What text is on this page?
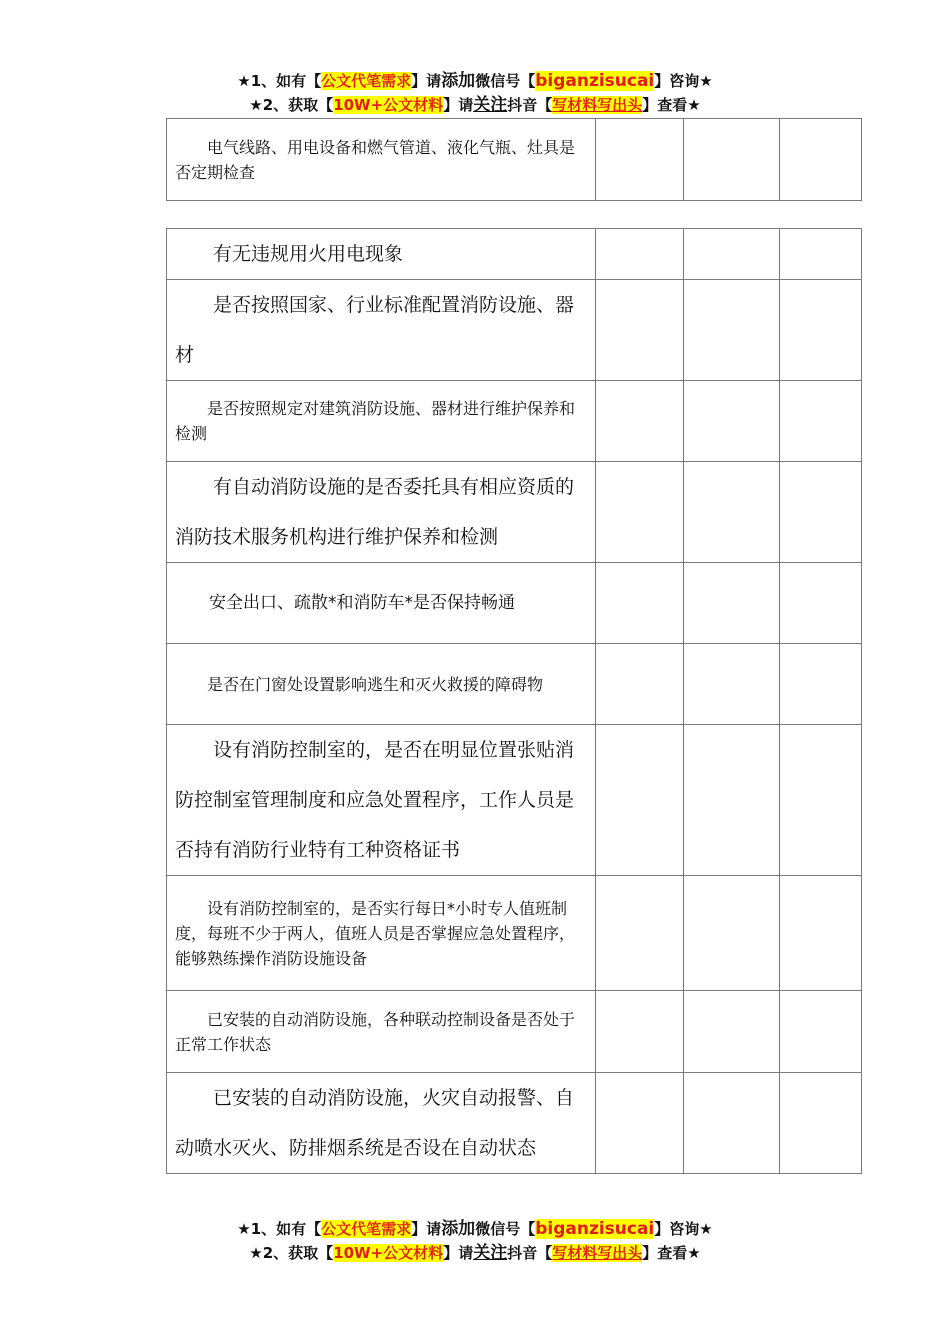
★1、如有【公文代笔需求】请添加微信号【biganzisucai】咨询★
★2、获取【10W+公文材料】请关注抖音【写材料写出头】查看★
电气线路、用电设备和燃气管道、液化气瓶、灶具是否定期检查

有无违规用火用电现象			

是否按照国家、行业标准配置消防设施、器材			

是否按照规定对建筑消防设施、器材进行维护保养和检测			

有自动消防设施的是否委托具有相应资质的消防技术服务机构进行维护保养和检测			

安全出口、疏散*和消防车*是否保持畅通			

是否在门窗处设置影响逃生和灭火救援的障碍物			

设有消防控制室的，是否在明显位置张贴消防控制室管理制度和应急处置程序，工作人员是否持有消防行业特有工种资格证书			

设有消防控制室的，是否实行每日*小时专人值班制度，每班不少于两人，值班人员是否掌握应急处置程序，能够熟练操作消防设施设备			

已安装的自动消防设施，各种联动控制设备是否处于正常工作状态			

已安装的自动消防设施，火灾自动报警、自动喷水灭火、防排烟系统是否设在自动状态			

★1、如有【公文代笔需求】请添加微信号【biganzisucai】咨询★
★2、获取【10W+公文材料】请关注抖音【写材料写出头】查看★
